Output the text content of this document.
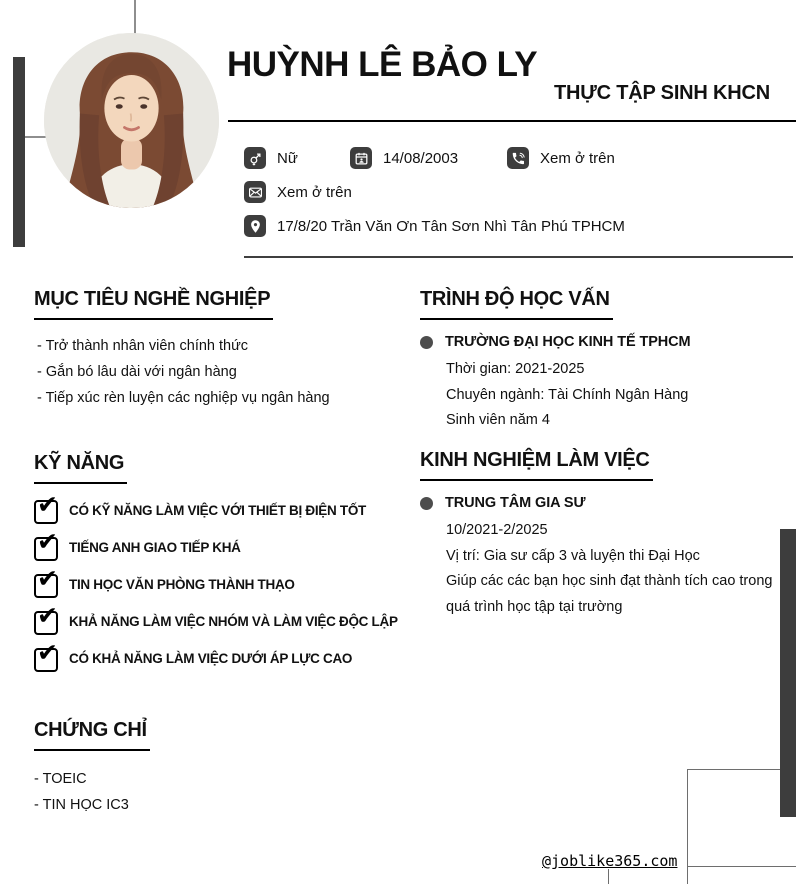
HUỲNH LÊ BẢO LY
THỰC TẬP SINH KHCN
Nữ	14/08/2003	Xem ở trên
Xem ở trên
17/8/20 Trần Văn Ơn Tân Sơn Nhì Tân Phú TPHCM
MỤC TIÊU NGHỀ NGHIỆP
- Trở thành nhân viên chính thức
- Gắn bó lâu dài với ngân hàng
- Tiếp xúc rèn luyện các nghiệp vụ ngân hàng
KỸ NĂNG
✔ CÓ KỸ NĂNG LÀM VIỆC VỚI THIẾT BỊ ĐIỆN TỐT
✔ TIẾNG ANH GIAO TIẾP KHÁ
✔ TIN HỌC VĂN PHÒNG THÀNH THẠO
✔ KHẢ NĂNG LÀM VIỆC NHÓM VÀ LÀM VIỆC ĐỘC LẬP
✔ CÓ KHẢ NĂNG LÀM VIỆC DƯỚI ÁP LỰC CAO
CHỨNG CHỈ
- TOEIC
- TIN HỌC IC3
TRÌNH ĐỘ HỌC VẤN
TRƯỜNG ĐẠI HỌC KINH TẾ TPHCM

Thời gian: 2021-2025

Chuyên ngành: Tài Chính Ngân Hàng

Sinh viên năm 4

KINH NGHIỆM LÀM VIỆC
TRUNG TÂM GIA SƯ

10/2021-2/2025

Vị trí: Gia sư cấp 3 và luyện thi Đại Học

Giúp các các bạn học sinh đạt thành tích cao trong quá trình học tập tại trường

@joblike365.com
